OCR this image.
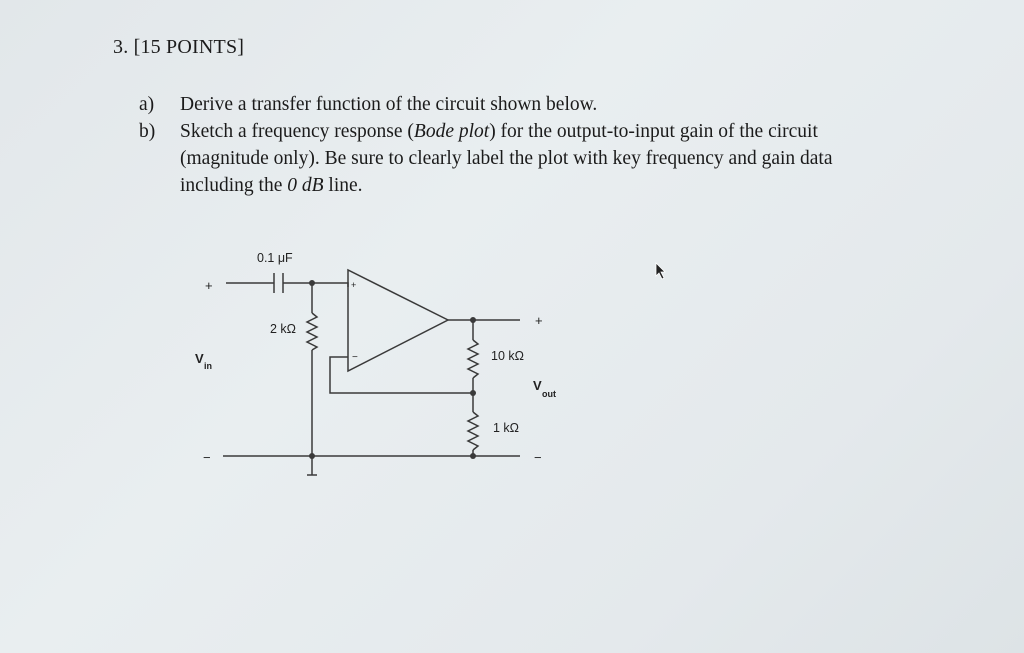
3. [15 POINTS]
a) Derive a transfer function of the circuit shown below.
b) Sketch a frequency response (Bode plot) for the output-to-input gain of the circuit
(magnitude only). Be sure to clearly label the plot with key frequency and gain data
including the 0 dB line.
0.1 μF
2 kΩ
10 kΩ
1 kΩ
+
−
+
−
+
−
V in
V
out
